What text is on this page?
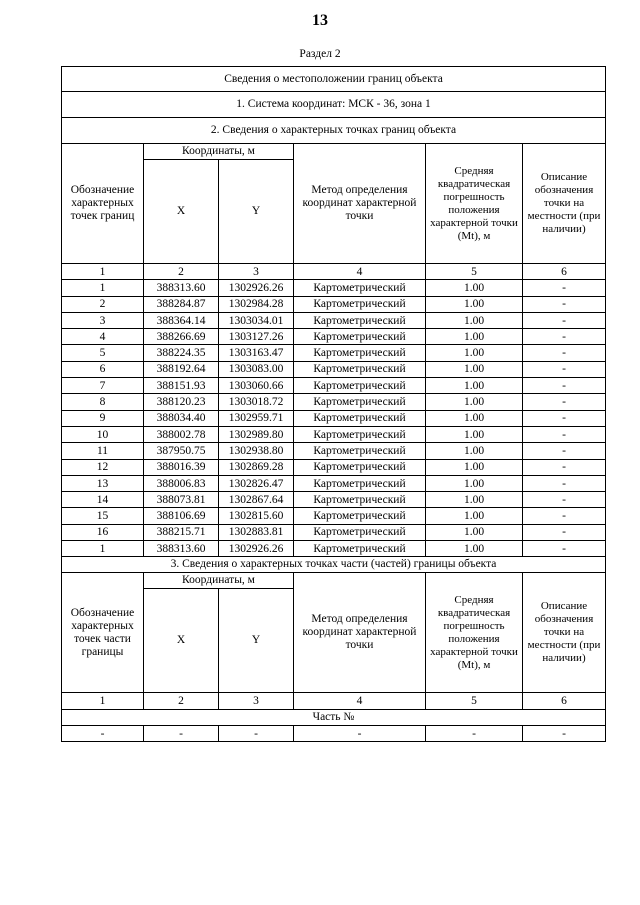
13
Раздел 2
Сведения о местоположении границ объекта					
1. Система координат: МСК - 36, зона 1					
2. Сведения о характерных точках границ объекта					
Обозначение характерных точек границ	Координаты, м		Метод определения координат характерной точки	Средняя квадратическая погрешность положения характерной точки (Mt), м	Описание обозначения точки на местности (при наличии)
	X	Y			
1	2	3	4	5	6
1	388313.60	1302926.26	Картометрический	1.00	-
2	388284.87	1302984.28	Картометрический	1.00	-
3	388364.14	1303034.01	Картометрический	1.00	-
4	388266.69	1303127.26	Картометрический	1.00	-
5	388224.35	1303163.47	Картометрический	1.00	-
6	388192.64	1303083.00	Картометрический	1.00	-
7	388151.93	1303060.66	Картометрический	1.00	-
8	388120.23	1303018.72	Картометрический	1.00	-
9	388034.40	1302959.71	Картометрический	1.00	-
10	388002.78	1302989.80	Картометрический	1.00	-
11	387950.75	1302938.80	Картометрический	1.00	-
12	388016.39	1302869.28	Картометрический	1.00	-
13	388006.83	1302826.47	Картометрический	1.00	-
14	388073.81	1302867.64	Картометрический	1.00	-
15	388106.69	1302815.60	Картометрический	1.00	-
16	388215.71	1302883.81	Картометрический	1.00	-
1	388313.60	1302926.26	Картометрический	1.00	-
3. Сведения о характерных точках части (частей) границы объекта					

Обозначение
характерных
точек части
границы	Координаты, м		Метод определения координат характерной точки	Средняя квадратическая погрешность положения характерной точки (Mt), м	Описание обозначения точки на местности (при наличии)
	X	Y			
1	2	3	4	5	6
Часть №					
-	-	-	-	-	-
